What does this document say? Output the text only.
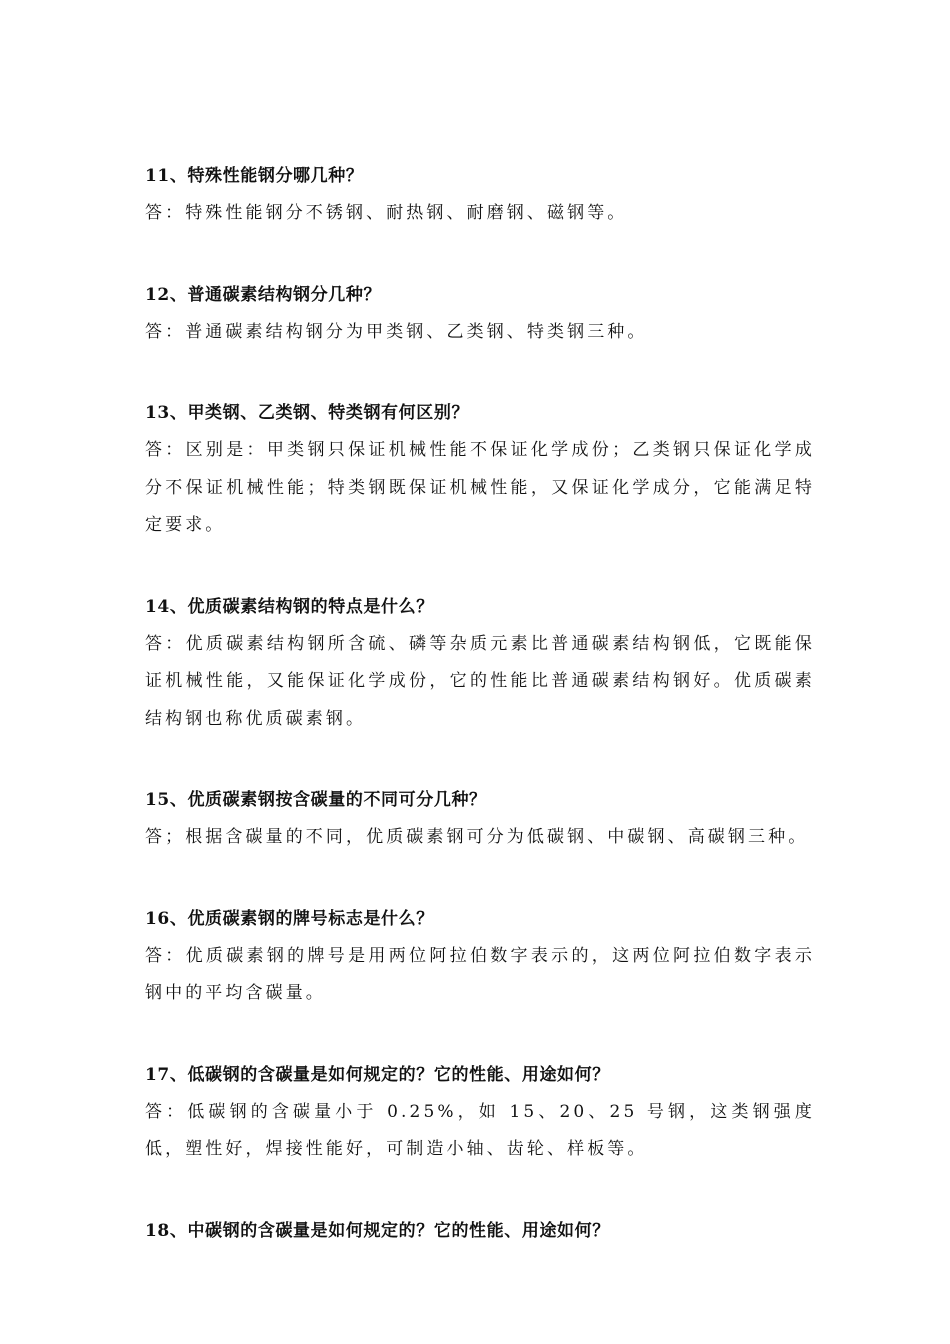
11、特殊性能钢分哪几种？
答：特殊性能钢分不锈钢、耐热钢、耐磨钢、磁钢等。
12、普通碳素结构钢分几种？
答：普通碳素结构钢分为甲类钢、乙类钢、特类钢三种。
13、甲类钢、乙类钢、特类钢有何区别？
答：区别是：甲类钢只保证机械性能不保证化学成份；乙类钢只保证化学成分不保证机械性能；特类钢既保证机械性能，又保证化学成分，它能满足特定要求。
14、优质碳素结构钢的特点是什么？
答：优质碳素结构钢所含硫、磷等杂质元素比普通碳素结构钢低，它既能保证机械性能，又能保证化学成份，它的性能比普通碳素结构钢好。优质碳素结构钢也称优质碳素钢。
15、优质碳素钢按含碳量的不同可分几种？
答；根据含碳量的不同，优质碳素钢可分为低碳钢、中碳钢、高碳钢三种。
16、优质碳素钢的牌号标志是什么？
答：优质碳素钢的牌号是用两位阿拉伯数字表示的，这两位阿拉伯数字表示钢中的平均含碳量。
17、低碳钢的含碳量是如何规定的？它的性能、用途如何？
答：低碳钢的含碳量小于 0.25%，如 15、20、25 号钢，这类钢强度低，塑性好，焊接性能好，可制造小轴、齿轮、样板等。
18、中碳钢的含碳量是如何规定的？它的性能、用途如何？
